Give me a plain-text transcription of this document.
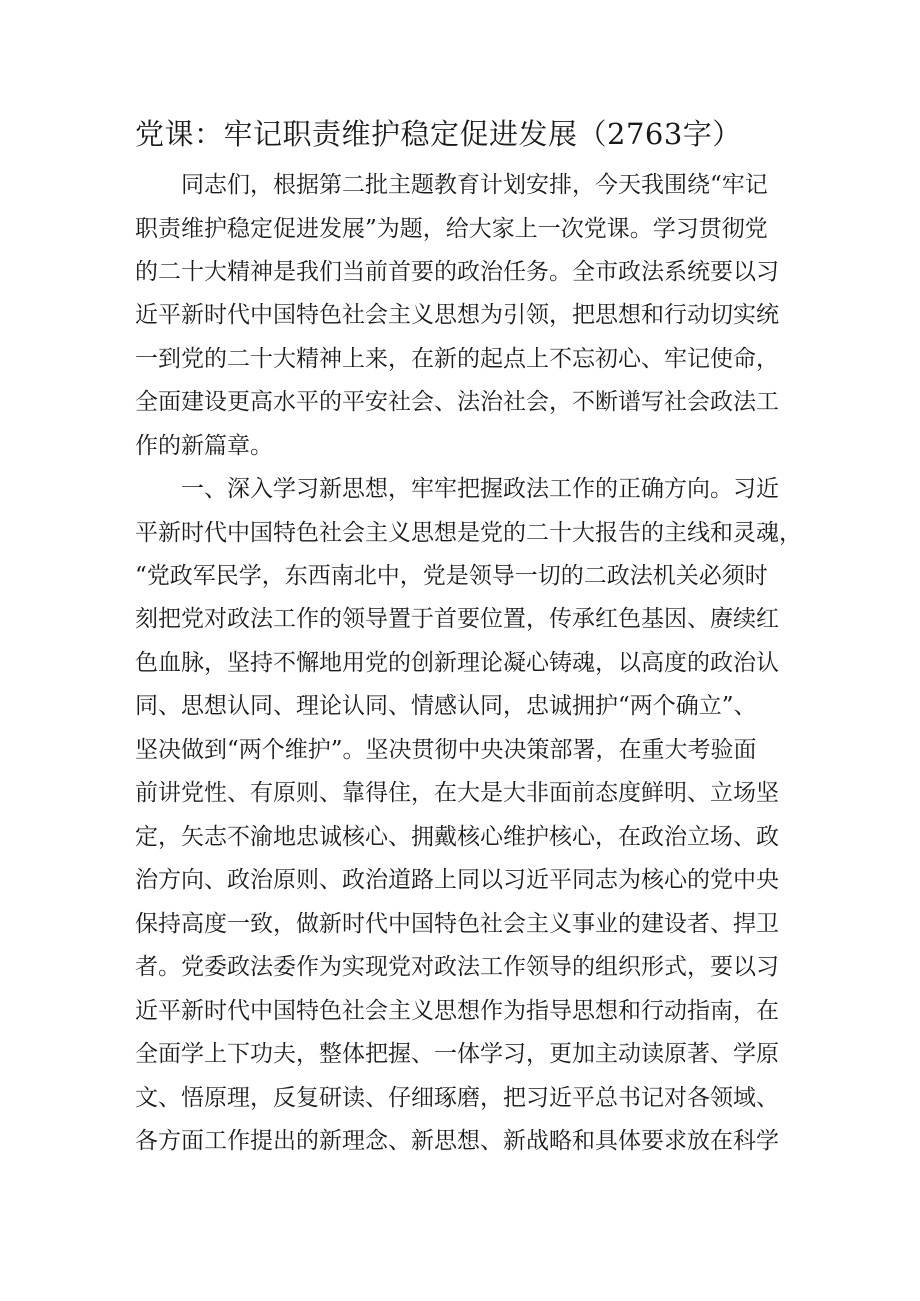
党课：牢记职责维护稳定促进发展（2763字）

同志们，根据第二批主题教育计划安排，今天我围绕“牢记

职责维护稳定促进发展”为题，给大家上一次党课。学习贯彻党

的二十大精神是我们当前首要的政治任务。全市政法系统要以习

近平新时代中国特色社会主义思想为引领，把思想和行动切实统

一到党的二十大精神上来，在新的起点上不忘初心、牢记使命，

全面建设更高水平的平安社会、法治社会，不断谱写社会政法工

作的新篇章。

一、深入学习新思想，牢牢把握政法工作的正确方向。习近

平新时代中国特色社会主义思想是党的二十大报告的主线和灵魂，

“党政军民学，东西南北中，党是领导一切的二政法机关必须时

刻把党对政法工作的领导置于首要位置，传承红色基因、赓续红

色血脉，坚持不懈地用党的创新理论凝心铸魂，以高度的政治认

同、思想认同、理论认同、情感认同，忠诚拥护“两个确立”、

坚决做到“两个维护”。坚决贯彻中央决策部署，在重大考验面

前讲党性、有原则、靠得住，在大是大非面前态度鲜明、立场坚

定，矢志不渝地忠诚核心、拥戴核心维护核心，在政治立场、政

治方向、政治原则、政治道路上同以习近平同志为核心的党中央

保持高度一致，做新时代中国特色社会主义事业的建设者、捍卫

者。党委政法委作为实现党对政法工作领导的组织形式，要以习

近平新时代中国特色社会主义思想作为指导思想和行动指南，在

全面学上下功夫，整体把握、一体学习，更加主动读原著、学原

文、悟原理，反复研读、仔细琢磨，把习近平总书记对各领域、

各方面工作提出的新理念、新思想、新战略和具体要求放在科学
